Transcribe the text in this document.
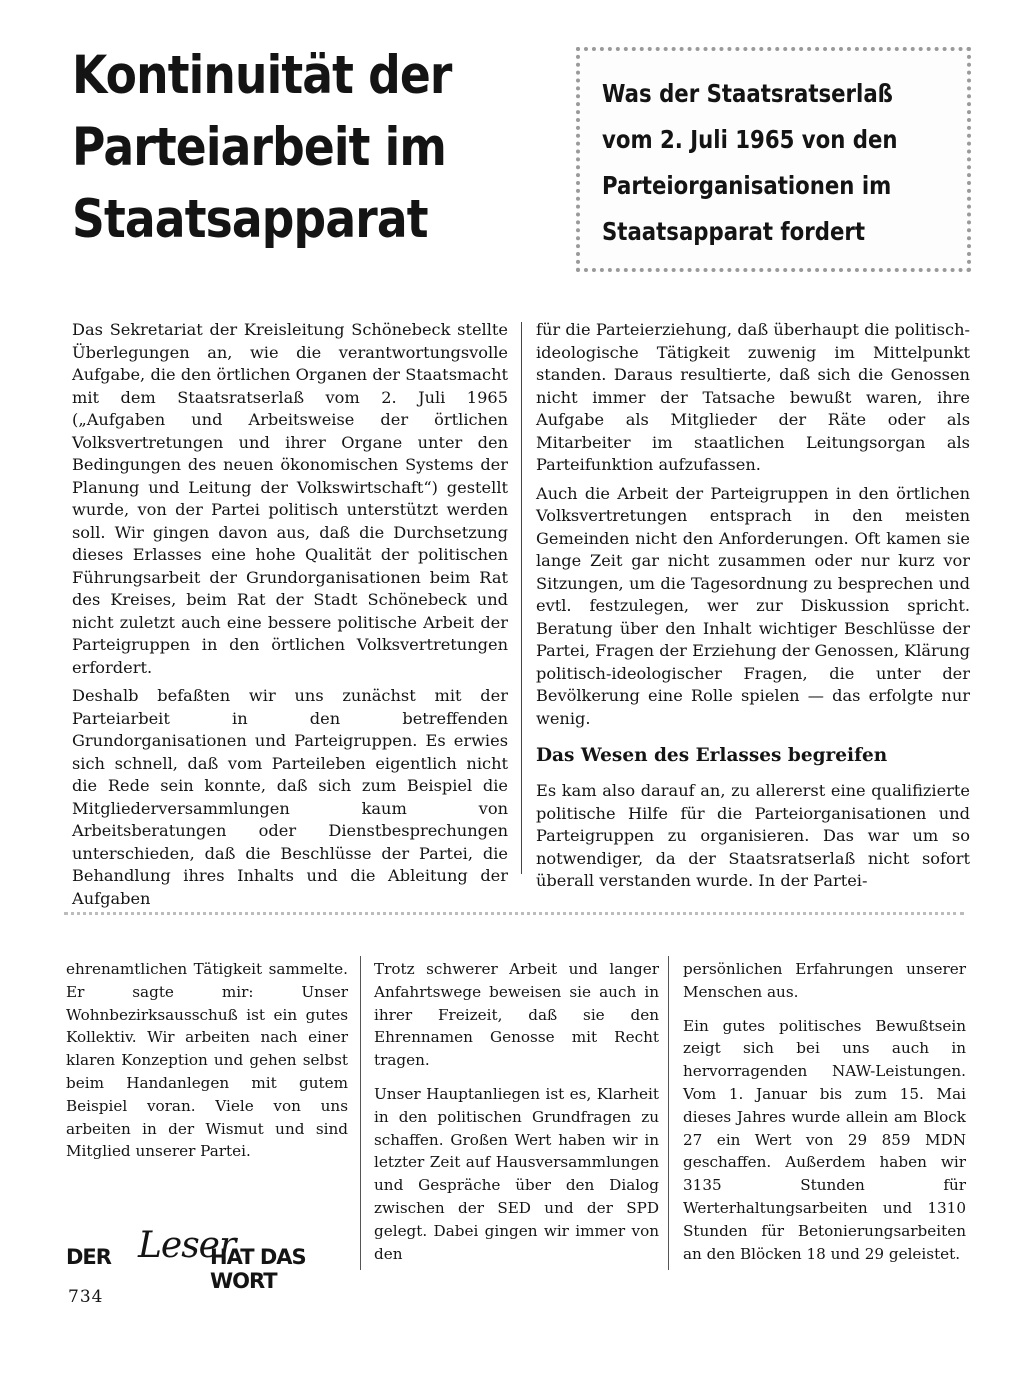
Kontinuität der Parteiarbeit im Staatsapparat

Was der Staatsratserlaß vom 2. Juli 1965 von den Parteiorganisationen im Staatsapparat fordert

Das Sekretariat der Kreisleitung Schönebeck stellte Überlegungen an, wie die verantwortungsvolle Aufgabe, die den örtlichen Organen der Staatsmacht mit dem Staatsratserlaß vom 2. Juli 1965 („Aufgaben und Arbeitsweise der örtlichen Volksvertretungen und ihrer Organe unter den Bedingungen des neuen ökonomischen Systems der Planung und Leitung der Volkswirtschaft“) gestellt wurde, von der Partei politisch unterstützt werden soll. Wir gingen davon aus, daß die Durchsetzung dieses Erlasses eine hohe Qualität der politischen Führungsarbeit der Grundorganisationen beim Rat des Kreises, beim Rat der Stadt Schönebeck und nicht zuletzt auch eine bessere politische Arbeit der Parteigruppen in den örtlichen Volksvertretungen erfordert.

Deshalb befaßten wir uns zunächst mit der Parteiarbeit in den betreffenden Grundorganisationen und Parteigruppen. Es erwies sich schnell, daß vom Parteileben eigentlich nicht die Rede sein konnte, daß sich zum Beispiel die Mitgliederversammlungen kaum von Arbeitsberatungen oder Dienstbesprechungen unterschieden, daß die Beschlüsse der Partei, die Behandlung ihres Inhalts und die Ableitung der Aufgaben

für die Parteierziehung, daß überhaupt die politisch-ideologische Tätigkeit zuwenig im Mittelpunkt standen. Daraus resultierte, daß sich die Genossen nicht immer der Tatsache bewußt waren, ihre Aufgabe als Mitglieder der Räte oder als Mitarbeiter im staatlichen Leitungsorgan als Parteifunktion aufzufassen.

Auch die Arbeit der Parteigruppen in den örtlichen Volksvertretungen entsprach in den meisten Gemeinden nicht den Anforderungen. Oft kamen sie lange Zeit gar nicht zusammen oder nur kurz vor Sitzungen, um die Tagesordnung zu besprechen und evtl. festzulegen, wer zur Diskussion spricht. Beratung über den Inhalt wichtiger Beschlüsse der Partei, Fragen der Erziehung der Genossen, Klärung politisch-ideologischer Fragen, die unter der Bevölkerung eine Rolle spielen — das erfolgte nur wenig.

Das Wesen des Erlasses begreifen

Es kam also darauf an, zu allererst eine qualifizierte politische Hilfe für die Parteiorganisationen und Parteigruppen zu organisieren. Das war um so notwendiger, da der Staatsratserlaß nicht sofort überall verstanden wurde. In der Partei-

ehrenamtlichen Tätigkeit sammelte. Er sagte mir: Unser Wohnbezirksausschuß ist ein gutes Kollektiv. Wir arbeiten nach einer klaren Konzeption und gehen selbst beim Handanlegen mit gutem Beispiel voran. Viele von uns arbeiten in der Wismut und sind Mitglied unserer Partei.

Trotz schwerer Arbeit und langer Anfahrtswege beweisen sie auch in ihrer Freizeit, daß sie den Ehrennamen Genosse mit Recht tragen.

Unser Hauptanliegen ist es, Klarheit in den politischen Grundfragen zu schaffen. Großen Wert haben wir in letzter Zeit auf Hausversammlungen und Gespräche über den Dialog zwischen der SED und der SPD gelegt. Dabei gingen wir immer von den

persönlichen Erfahrungen unserer Menschen aus.

Ein gutes politisches Bewußtsein zeigt sich bei uns auch in hervorragenden NAW-Leistungen. Vom 1. Januar bis zum 15. Mai dieses Jahres wurde allein am Block 27 ein Wert von 29 859 MDN geschaffen. Außerdem haben wir 3135 Stunden für Werterhaltungsarbeiten und 1310 Stunden für Betonierungsarbeiten an den Blöcken 18 und 29 geleistet.

DER Leser
HAT DAS WORT
734
